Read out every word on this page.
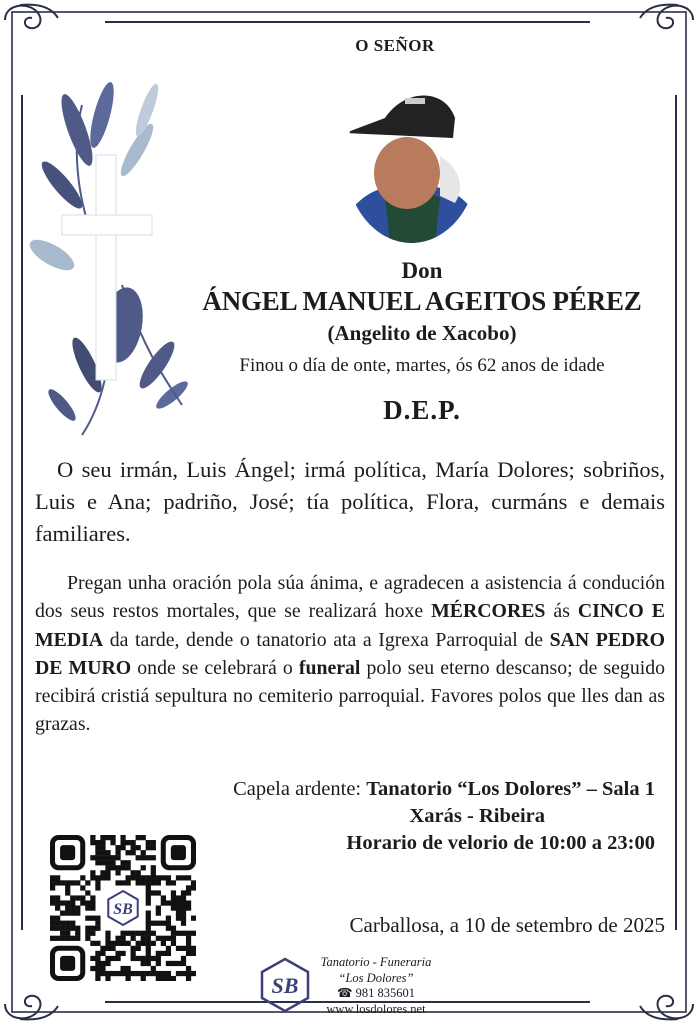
O SEÑOR
Don
ÁNGEL MANUEL AGEITOS PÉREZ
(Angelito de Xacobo)
Finou o día de onte, martes, ós 62 anos de idade
D.E.P.
O seu irmán, Luis Ángel; irmá política, María Dolores; sobriños, Luis e Ana; padriño, José; tía política, Flora, curmáns e demais familiares.
Pregan unha oración pola súa ánima, e agradecen a asistencia á condución dos seus restos mortales, que se realizará hoxe MÉRCORES ás CINCO E MEDIA da tarde, dende o tanatorio ata a Igrexa Parroquial de SAN PEDRO DE MURO onde se celebrará o funeral polo seu eterno descanso; de seguido recibirá cristiá sepultura no cemiterio parroquial. Favores polos que lles dan as grazas.
Capela ardente: Tanatorio “Los Dolores” – Sala 1
Xarás - Ribeira
Horario de velorio de 10:00 a 23:00
SB
Carballosa, a 10 de setembro de 2025
SB
Tanatorio - Funeraria
“Los Dolores”
☎ 981 835601
www.losdolores.net
